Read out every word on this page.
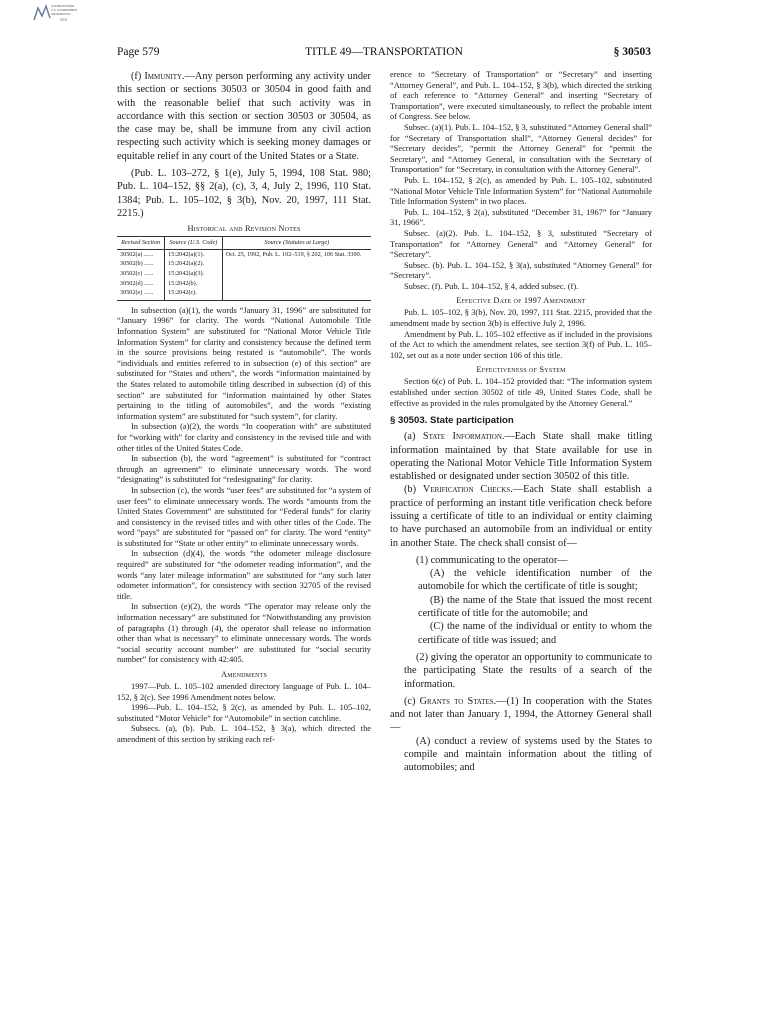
AUTHENTICATED
U.S. GOVERNMENT
INFORMATION
GPO
Page 579	TITLE 49—TRANSPORTATION	§ 30503

(f) Immunity.—Any person performing any activity under this section or sections 30503 or 30504 in good faith and with the reasonable belief that such activity was in accordance with this section or section 30503 or 30504, as the case may be, shall be immune from any civil action respecting such activity which is seeking money damages or equitable relief in any court of the United States or a State.

(Pub. L. 103–272, § 1(e), July 5, 1994, 108 Stat. 980; Pub. L. 104–152, §§ 2(a), (c), 3, 4, July 2, 1996, 110 Stat. 1384; Pub. L. 105–102, § 3(b), Nov. 20, 1997, 111 Stat. 2215.)

Historical and Revision Notes
Revised Section	Source (U.S. Code)	Source (Statutes at Large)
30502(a) ......	15:2042(a)(1).	Oct. 25, 1992, Pub. L. 102–519, § 202, 106 Stat. 3390.
30502(b) ......	15:2042(a)(2).	
30502(c) ......	15:2042(a)(3).	
30502(d) ......	15:2042(b).	
30502(e) ......	15:2042(c).	

In subsection (a)(1), the words “January 31, 1996” are substituted for “January 1996” for clarity. The words “National Automobile Title Information System” are substituted for “National Motor Vehicle Title Information System” for clarity and consistency because the defined term in the source provisions being restated is “automobile”. The words “individuals and entities referred to in subsection (e) of this section” are substituted for “States and others”, the words “information maintained by the States related to automobile titling described in subsection (d) of this section” are substituted for “information maintained by other States pertaining to the titling of automobiles”, and the words “existing information system” are substituted for “such system”, for clarity.

In subsection (a)(2), the words “In cooperation with” are substituted for “working with” for clarity and consistency in the revised title and with other titles of the United States Code.

In subsection (b), the word “agreement” is substituted for “contract through an agreement” to eliminate unnecessary words. The word “designating” is substituted for “redesignating” for clarity.

In subsection (c), the words “user fees” are substituted for “a system of user fees” to eliminate unnecessary words. The words “amounts from the United States Government” are substituted for “Federal funds” for clarity and consistency in the revised titles and with other titles of the Code. The word “pays” are substituted for “passed on” for clarity. The word “entity” is substituted for “State or other entity” to eliminate unnecessary words.

In subsection (d)(4), the words “the odometer mileage disclosure required” are substituted for “the odometer reading information”, and the words “any later mileage information” are substituted for “any such later odometer information”, for consistency with section 32705 of the revised title.

In subsection (e)(2), the words “The operator may release only the information necessary” are substituted for “Notwithstanding any provision of paragraphs (1) through (4), the operator shall release no information other than what is necessary” to eliminate unnecessary words. The words “social security account number” are substituted for “social security number” for consistency with 42:405.

Amendments

1997—Pub. L. 105–102 amended directory language of Pub. L. 104–152, § 2(c). See 1996 Amendment notes below.

1996—Pub. L. 104–152, § 2(c), as amended by Pub. L. 105–102, substituted “Motor Vehicle” for “Automobile” in section catchline.

Subsecs. (a), (b). Pub. L. 104–152, § 3(a), which directed the amendment of this section by striking each ref-

erence to “Secretary of Transportation” or “Secretary” and inserting “Attorney General”, and Pub. L. 104–152, § 3(b), which directed the striking of each reference to “Attorney General” and inserting “Secretary of Transportation”, were executed simultaneously, to reflect the probable intent of Congress. See below.

Subsec. (a)(1). Pub. L. 104–152, § 3, substituted “Attorney General shall” for “Secretary of Transportation shall”, “Attorney General decides” for “Secretary decides”, “permit the Attorney General” for “permit the Secretary”, and “Attorney General, in consultation with the Secretary of Transportation” for “Secretary, in consultation with the Attorney General”.

Pub. L. 104–152, § 2(c), as amended by Pub. L. 105–102, substituted “National Motor Vehicle Title Information System” for “National Automobile Title Information System” in two places.

Pub. L. 104–152, § 2(a), substituted “December 31, 1967” for “January 31, 1966”.

Subsec. (a)(2). Pub. L. 104–152, § 3, substituted “Secretary of Transportation” for “Attorney General” and “Attorney General” for “Secretary”.

Subsec. (b). Pub. L. 104–152, § 3(a), substituted “Attorney General” for “Secretary”.

Subsec. (f). Pub. L. 104–152, § 4, added subsec. (f).

Effective Date of 1997 Amendment

Pub. L. 105–102, § 3(b), Nov. 20, 1997, 111 Stat. 2215, provided that the amendment made by section 3(b) is effective July 2, 1996.

Amendment by Pub. L. 105–102 effective as if included in the provisions of the Act to which the amendment relates, see section 3(f) of Pub. L. 105–102, set out as a note under section 106 of this title.

Effectiveness of System

Section 6(c) of Pub. L. 104–152 provided that: “The information system established under section 30502 of title 49, United States Code, shall be effective as provided in the rules promulgated by the Attorney General.”

§ 30503. State participation

(a) State Information.—Each State shall make titling information maintained by that State available for use in operating the National Motor Vehicle Title Information System established or designated under section 30502 of this title.

(b) Verification Checks.—Each State shall establish a practice of performing an instant title verification check before issuing a certificate of title to an individual or entity claiming to have purchased an automobile from an individual or entity in another State. The check shall consist of—

(1) communicating to the operator—

(A) the vehicle identification number of the automobile for which the certificate of title is sought;

(B) the name of the State that issued the most recent certificate of title for the automobile; and

(C) the name of the individual or entity to whom the certificate of title was issued; and

(2) giving the operator an opportunity to communicate to the participating State the results of a search of the information.

(c) Grants to States.—(1) In cooperation with the States and not later than January 1, 1994, the Attorney General shall—

(A) conduct a review of systems used by the States to compile and maintain information about the titling of automobiles; and
